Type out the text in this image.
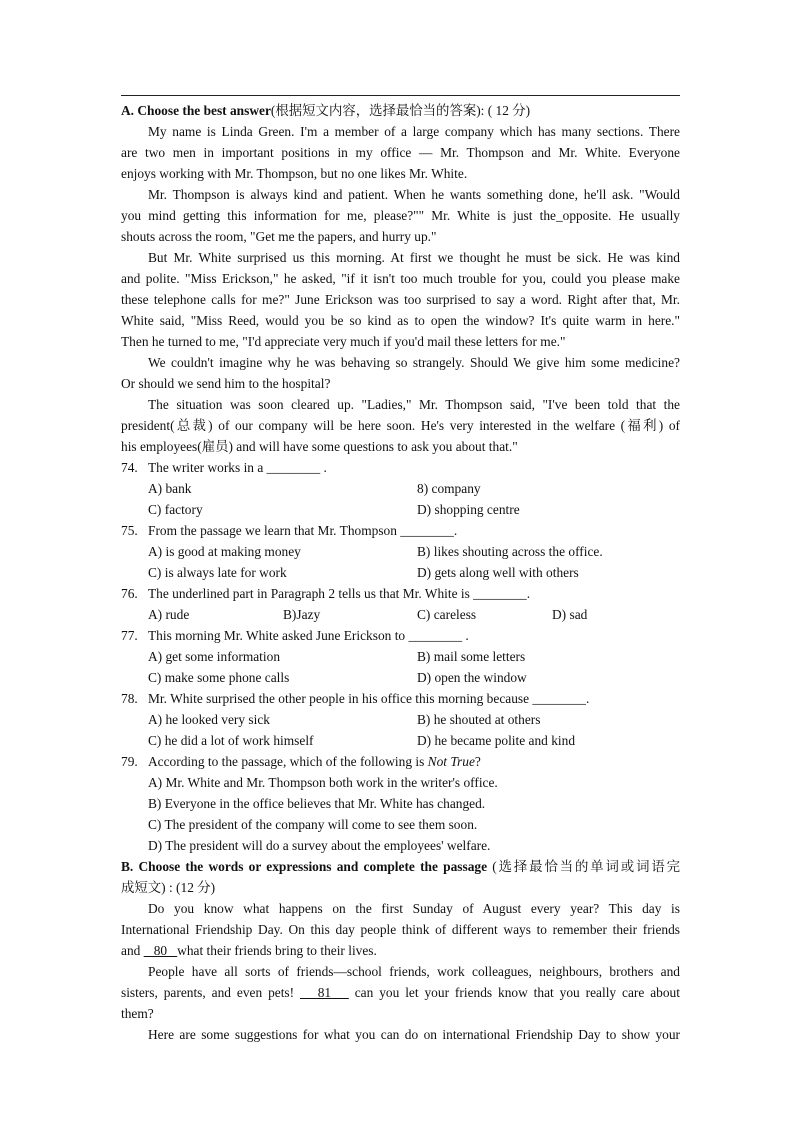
A. Choose the best answer(根据短文内容，选择最恰当的答案): ( 12 分)
My name is Linda Green. I'm a member of a large company which has many sections. There
are two men in important positions in my office — Mr. Thompson and Mr. White. Everyone
enjoys working with Mr. Thompson, but no one likes Mr. White.
Mr. Thompson is always kind and patient. When he wants something done, he'll ask. "Would
you mind getting this information for me, please?"" Mr. White is just the_opposite. He usually
shouts across the room, "Get me the papers, and hurry up."
But Mr. White surprised us this morning. At first we thought he must be sick. He was kind
and polite. "Miss Erickson," he asked, "if it isn't too much trouble for you, could you please make
these telephone calls for me?" June Erickson was too surprised to say a word. Right after that, Mr.
White said, "Miss Reed, would you be so kind as to open the window? It's quite warm in here."
Then he turned to me, "I'd appreciate very much if you'd mail these letters for me."
We couldn't imagine why he was behaving so strangely. Should We give him some medicine?
Or should we send him to the hospital?
The situation was soon cleared up. "Ladies," Mr. Thompson said, "I've been told that the
president(总裁) of our company will be here soon. He's very interested in the welfare (福利) of
his employees(雇员) and will have some questions to ask you about that."
74. The writer works in a ________ .
A) bank	8) company
C) factory	D) shopping centre
75. From the passage we learn that Mr. Thompson ________.
A) is good at making money	B) likes shouting across the office.
C) is always late for work	D) gets along well with others
76. The underlined part in Paragraph 2 tells us that Mr. White is ________.
A) rude	B)Jazy	C) careless	D) sad
77. This morning Mr. White asked June Erickson to ________ .
A) get some information	B) mail some letters
C) make some phone calls	D) open the window
78. Mr. White surprised the other people in his office this morning because ________.
A) he looked very sick	B) he shouted at others
C) he did a lot of work himself	D) he became polite and kind
79. According to the passage, which of the following is Not True?
A) Mr. White and Mr. Thompson both work in the writer's office.
B) Everyone in the office believes that Mr. White has changed.
C) The president of the company will come to see them soon.
D) The president will do a survey about the employees' welfare.
B. Choose the words or expressions and complete the passage (选择最恰当的单词或词语完
成短文) : (12 分)
Do you know what happens on the first Sunday of August every year? This day is
International Friendship Day. On this day people think of different ways to remember their friends
and    80   what their friends bring to their lives.
People have all sorts of friends—school friends, work colleagues, neighbours, brothers and
sisters, parents, and even pets!    81    can you let your friends know that you really care about
them?
Here are some suggestions for what you can do on international Friendship Day to show your
